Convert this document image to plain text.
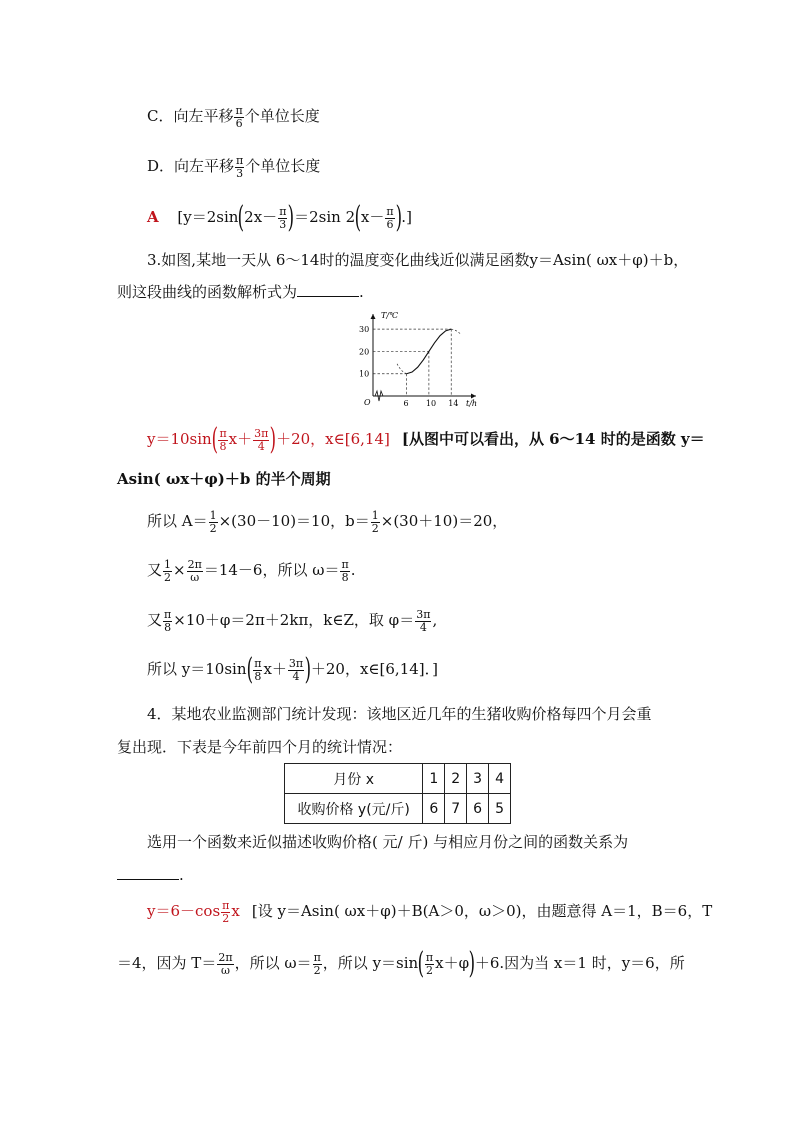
C．向左平移 $\frac{\pi}{6}$ 个单位长度
D．向左平移 $\frac{\pi}{3}$ 个单位长度
A [$y=2\sin(2x- \frac{\pi}{3} )=2\sin$ $2(x- \frac{\pi}{6}$ ).]
3.如图,某地一天从 6～14时的温度变化曲线近似满足函数y＝Asin( ωx＋φ)＋b，
则这段曲线的函数解析式为	.
T/℃
t/h
O	6 10 14
10
20
30
$y=10\sin( \frac{\pi}{8} x+ \frac{3\pi}{4} )+20$，x∈[6,14] [从图中可以看出，从 6～14 时的是函数 y＝
Asin( ωx＋φ)＋b 的半个周期
所以 $A= \frac{1}{2} \times(30-10)=10$，$b= \frac{1}{2} \times(30+10)=20$，
又 $\frac{1}{2} \times \frac{2\pi}{\omega} =14-6$，所以 $\omega= \frac{\pi}{8}$ .
又 $\frac{\pi}{8} \times 10+\varphi=2\pi+2k\pi$，k∈Z，取 $\varphi= \frac{3\pi}{4}$ ,
所以 $y=10\sin( \frac{\pi}{8} x+ \frac{3\pi}{4} )+20$，x∈[6,14]．]
4．某地农业监测部门统计发现：该地区近几年的生猪收购价格每四个月会重
复出现．下表是今年前四个月的统计情况：
月份 x	1	2	3	4
收购价格 y(元/斤)	6	7	6	5
选用一个函数来近似描述收购价格( 元/ 斤) 与相应月份之间的函数关系为
.
$y=6-\cos \frac{\pi}{2}$ x [设 y＝Asin( ωx＋φ)＋B(A＞0，ω＞0)，由题意得 A＝1，B＝6，T
＝4，因为 $T= \frac{2\pi}{\omega}$ ，所以 $\omega= \frac{\pi}{2}$ ，所以 $y=\sin( \frac{\pi}{2} x+\varphi)+6$.因为当 x＝1 时，y＝6，所
